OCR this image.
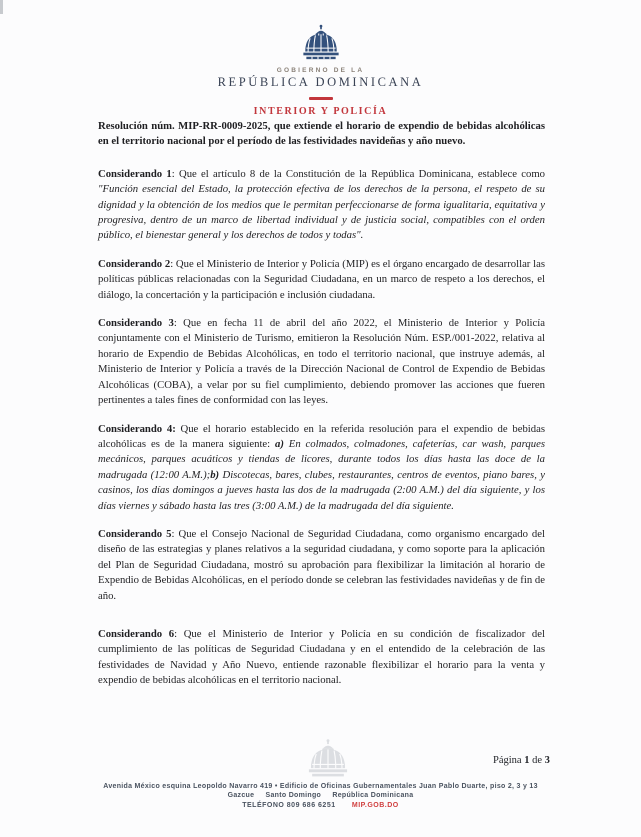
GOBIERNO DE LA
REPÚBLICA DOMINICANA
INTERIOR Y POLICÍA

Resolución núm. MIP-RR-0009-2025, que extiende el horario de expendio de bebidas alcohólicas en el territorio nacional por el período de las festividades navideñas y año nuevo.

Considerando 1: Que el artículo 8 de la Constitución de la República Dominicana, establece como "Función esencial del Estado, la protección efectiva de los derechos de la persona, el respeto de su dignidad y la obtención de los medios que le permitan perfeccionarse de forma igualitaria, equitativa y progresiva, dentro de un marco de libertad individual y de justicia social, compatibles con el orden público, el bienestar general y los derechos de todos y todas".

Considerando 2: Que el Ministerio de Interior y Policía (MIP) es el órgano encargado de desarrollar las políticas públicas relacionadas con la Seguridad Ciudadana, en un marco de respeto a los derechos, el diálogo, la concertación y la participación e inclusión ciudadana.

Considerando 3: Que en fecha 11 de abril del año 2022, el Ministerio de Interior y Policía conjuntamente con el Ministerio de Turismo, emitieron la Resolución Núm. ESP./001-2022, relativa al horario de Expendio de Bebidas Alcohólicas, en todo el territorio nacional, que instruye además, al Ministerio de Interior y Policía a través de la Dirección Nacional de Control de Expendio de Bebidas Alcohólicas (COBA), a velar por su fiel cumplimiento, debiendo promover las acciones que fueren pertinentes a tales fines de conformidad con las leyes.

Considerando 4: Que el horario establecido en la referida resolución para el expendio de bebidas alcohólicas es de la manera siguiente: a) En colmados, colmadones, cafeterías, car wash, parques mecánicos, parques acuáticos y tiendas de licores, durante todos los días hasta las doce de la madrugada (12:00 A.M.);b) Discotecas, bares, clubes, restaurantes, centros de eventos, piano bares, y casinos, los días domingos a jueves hasta las dos de la madrugada (2:00 A.M.) del día siguiente, y los días viernes y sábado hasta las tres (3:00 A.M.) de la madrugada del día siguiente.

Considerando 5: Que el Consejo Nacional de Seguridad Ciudadana, como organismo encargado del diseño de las estrategias y planes relativos a la seguridad ciudadana, y como soporte para la aplicación del Plan de Seguridad Ciudadana, mostró su aprobación para flexibilizar la limitación al horario de Expendio de Bebidas Alcohólicas, en el período donde se celebran las festividades navideñas y de fin de año.

Considerando 6: Que el Ministerio de Interior y Policía en su condición de fiscalizador del cumplimiento de las políticas de Seguridad Ciudadana y en el entendido de la celebración de las festividades de Navidad y Año Nuevo, entiende razonable flexibilizar el horario para la venta y expendio de bebidas alcohólicas en el territorio nacional.

Página 1 de 3
Avenida México esquina Leopoldo Navarro 419 • Edificio de Oficinas Gubernamentales Juan Pablo Duarte, piso 2, 3 y 13
Gazcue     Santo Domingo     República Dominicana
TELÉFONO 809 686 6251 MIP.GOB.DO
